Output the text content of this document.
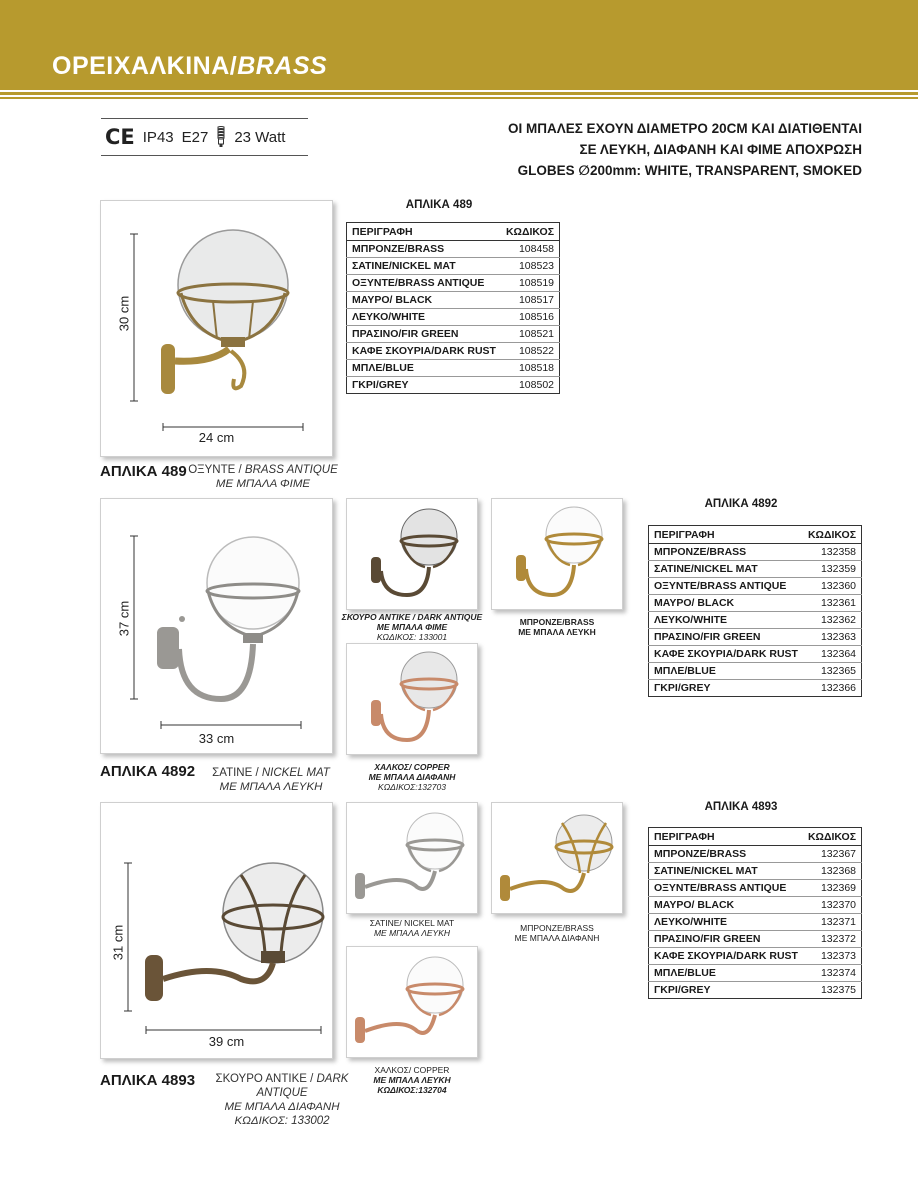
ΟΡΕΙΧΑΛΚΙΝΑ/BRASS
CE IP43 E27 23 Watt	ΟΙ ΜΠΑΛΕΣ ΕΧΟΥΝ ΔΙΑΜΕΤΡΟ 20CM ΚΑΙ ΔΙΑΤΙΘΕΝΤΑΙ
ΣΕ ΛΕΥΚΗ, ΔΙΑΦΑΝΗ ΚΑΙ ΦΙΜΕ ΑΠΟΧΡΩΣΗ
GLOBES ∅200mm: WHITE, TRANSPARENT, SMOKED
30 cm
24 cm
ΑΠΛΙΚΑ 489 ΟΞΥΝΤΕ / BRASS ANTIQUE
ΜΕ ΜΠΑΛΑ ΦΙΜΕ
ΑΠΛΙΚΑ 489
ΠΕΡΙΓΡΑΦΗ	ΚΩΔΙΚΟΣ
ΜΠΡΟΝΖΕ/BRASS	108458
ΣΑΤΙΝΕ/NICKEL MAT	108523
ΟΞΥΝΤΕ/BRASS ANTIQUE	108519
ΜΑΥΡΟ/ BLACK	108517
ΛΕΥΚΟ/WHITE	108516
ΠΡΑΣΙΝΟ/FIR GREEN	108521
ΚΑΦΕ ΣΚΟΥΡΙΑ/DARK RUST	108522
ΜΠΛΕ/BLUE	108518
ΓΚΡΙ/GREY	108502
37 cm
33 cm
ΑΠΛΙΚΑ 4892	ΣΑΤΙΝΕ / NICKEL MAT
ΜΕ ΜΠΑΛΑ ΛΕΥΚΗ
ΣΚΟΥΡΟ ΑΝΤΙΚΕ / DARK ANTIQUE
ΜΕ ΜΠΑΛΑ ΦΙΜΕ
ΚΩΔΙΚΟΣ: 133001
ΜΠΡΟΝΖΕ/BRASS
ΜΕ ΜΠΑΛΑ ΛΕΥΚΗ
ΧΑΛΚΟΣ/ COPPER
ΜΕ ΜΠΑΛΑ ΔΙΑΦΑΝΗ
ΚΩΔΙΚΟΣ:132703
ΑΠΛΙΚΑ 4892
ΠΕΡΙΓΡΑΦΗ	ΚΩΔΙΚΟΣ
ΜΠΡΟΝΖΕ/BRASS	132358
ΣΑΤΙΝΕ/NICKEL MAT	132359
ΟΞΥΝΤΕ/BRASS ANTIQUE	132360
ΜΑΥΡΟ/ BLACK	132361
ΛΕΥΚΟ/WHITE	132362
ΠΡΑΣΙΝΟ/FIR GREEN	132363
ΚΑΦΕ ΣΚΟΥΡΙΑ/DARK RUST	132364
ΜΠΛΕ/BLUE	132365
ΓΚΡΙ/GREY	132366
31 cm
39 cm
ΑΠΛΙΚΑ 4893	ΣΚΟΥΡΟ ΑΝΤΙΚΕ / DARK ANTIQUE
ΜΕ ΜΠΑΛΑ ΔΙΑΦΑΝΗ
ΚΩΔΙΚΟΣ: 133002
ΣΑΤΙΝΕ/ NICKEL MAT
ΜΕ ΜΠΑΛΑ ΛΕΥΚΗ	ΜΠΡΟΝΖΕ/BRASS
ΜΕ ΜΠΑΛΑ ΔΙΑΦΑΝΗ
ΧΑΛΚΟΣ/ COPPER
ΜΕ ΜΠΑΛΑ ΛΕΥΚΗ
ΚΩΔΙΚΟΣ:132704
ΑΠΛΙΚΑ 4893
ΠΕΡΙΓΡΑΦΗ	ΚΩΔΙΚΟΣ
ΜΠΡΟΝΖΕ/BRASS	132367
ΣΑΤΙΝΕ/NICKEL MAT	132368
ΟΞΥΝΤΕ/BRASS ANTIQUE	132369
ΜΑΥΡΟ/ BLACK	132370
ΛΕΥΚΟ/WHITE	132371
ΠΡΑΣΙΝΟ/FIR GREEN	132372
ΚΑΦΕ ΣΚΟΥΡΙΑ/DARK RUST	132373
ΜΠΛΕ/BLUE	132374
ΓΚΡΙ/GREY	132375
